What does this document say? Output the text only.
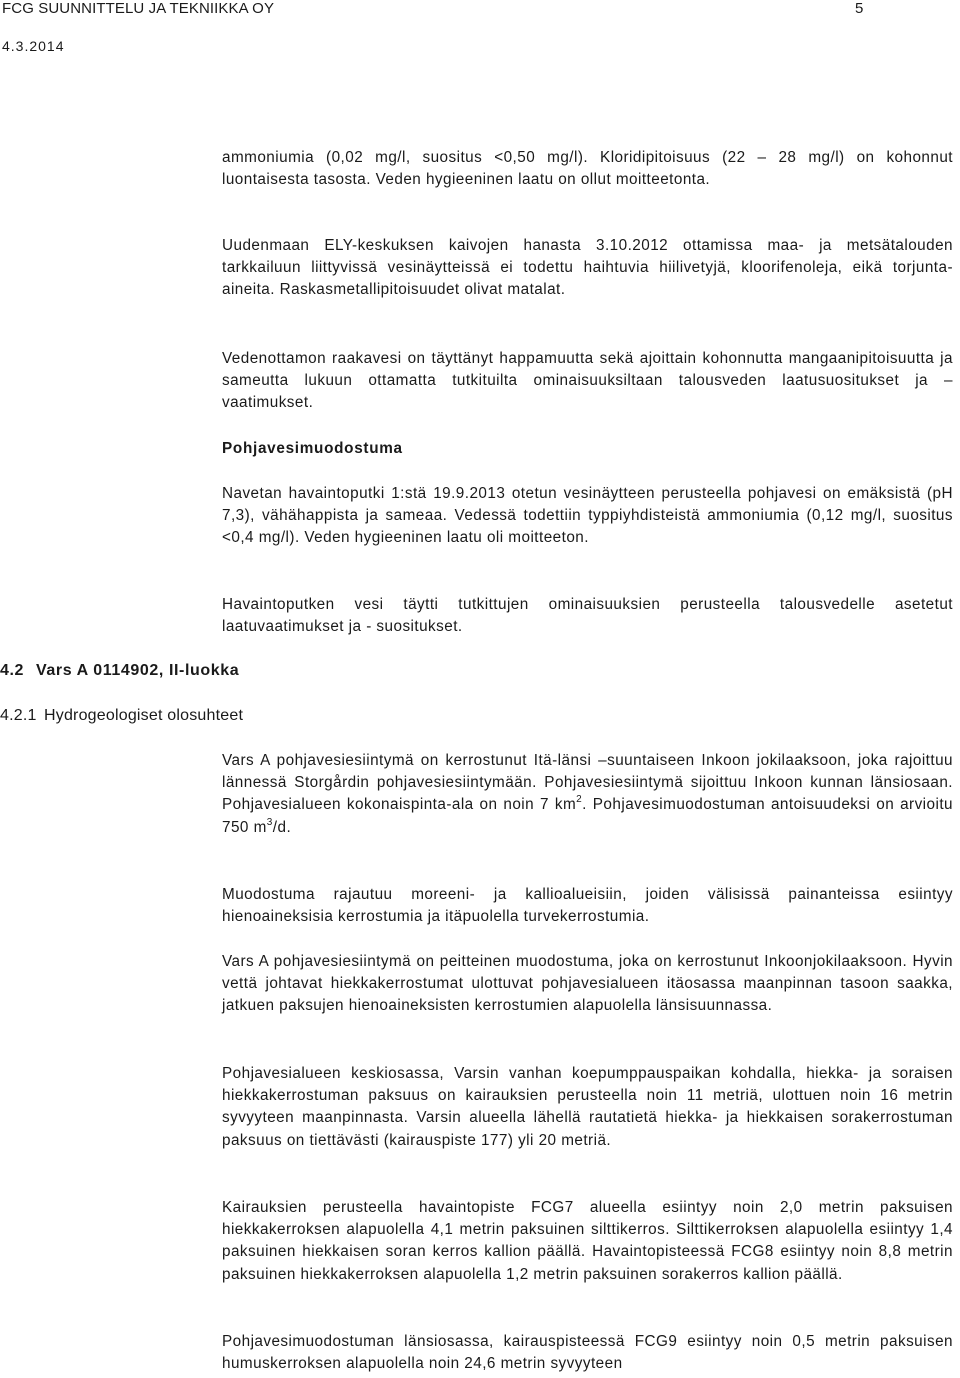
FCG SUUNNITTELU JA TEKNIIKKA OY	5
4.3.2014

ammoniumia (0,02 mg/l, suositus <0,50 mg/l). Kloridipitoisuus (22 – 28 mg/l) on kohonnut luontaisesta tasosta. Veden hygieeninen laatu on ollut moitteetonta.

Uudenmaan ELY-keskuksen kaivojen hanasta 3.10.2012 ottamissa maa- ja metsätalouden tarkkailuun liittyvissä vesinäytteissä ei todettu haihtuvia hiilivetyjä, kloorifenoleja, eikä torjunta-aineita. Raskasmetallipitoisuudet olivat matalat.

Vedenottamon raakavesi on täyttänyt happamuutta sekä ajoittain kohonnutta mangaanipitoisuutta ja sameutta lukuun ottamatta tutkituilta ominaisuuksiltaan talousveden laatusuositukset ja – vaatimukset.

Pohjavesimuodostuma

Navetan havaintoputki 1:stä 19.9.2013 otetun vesinäytteen perusteella pohjavesi on emäksistä (pH 7,3), vähähappista ja sameaa. Vedessä todettiin typpiyhdisteistä ammoniumia (0,12 mg/l, suositus <0,4 mg/l). Veden hygieeninen laatu oli moitteeton.

Havaintoputken vesi täytti tutkittujen ominaisuuksien perusteella talousvedelle asetetut laatuvaatimukset ja - suositukset.

4.2 Vars A 0114902, II-luokka

4.2.1 Hydrogeologiset olosuhteet

Vars A pohjavesiesiintymä on kerrostunut Itä-länsi –suuntaiseen Inkoon jokilaaksoon, joka rajoittuu lännessä Storgårdin pohjavesiesiintymään. Pohjavesiesiintymä sijoittuu Inkoon kunnan länsiosaan. Pohjavesialueen kokonaispinta-ala on noin 7 $km^2$. Pohjavesimuodostuman antoisuudeksi on arvioitu 750 $m^3/d$.

Muodostuma rajautuu moreeni- ja kallioalueisiin, joiden välisissä painanteissa esiintyy hienoaineksisia kerrostumia ja itäpuolella turvekerrostumia.

Vars A pohjavesiesiintymä on peitteinen muodostuma, joka on kerrostunut Inkoonjokilaaksoon. Hyvin vettä johtavat hiekkakerrostumat ulottuvat pohjavesialueen itäosassa maanpinnan tasoon saakka, jatkuen paksujen hienoaineksisten kerrostumien alapuolella länsisuunnassa.

Pohjavesialueen keskiosassa, Varsin vanhan koepumppauspaikan kohdalla, hiekka- ja soraisen hiekkakerrostuman paksuus on kairauksien perusteella noin 11 metriä, ulottuen noin 16 metrin syvyyteen maanpinnasta. Varsin alueella lähellä rautatietä hiekka- ja hiekkaisen sorakerrostuman paksuus on tiettävästi (kairauspiste 177) yli 20 metriä.

Kairauksien perusteella havaintopiste FCG7 alueella esiintyy noin 2,0 metrin paksuisen hiekkakerroksen alapuolella 4,1 metrin paksuinen silttikerros. Silttikerroksen alapuolella esiintyy 1,4 paksuinen hiekkaisen soran kerros kallion päällä. Havaintopisteessä FCG8 esiintyy noin 8,8 metrin paksuinen hiekkakerroksen alapuolella 1,2 metrin paksuinen sorakerros kallion päällä.

Pohjavesimuodostuman länsiosassa, kairauspisteessä FCG9 esiintyy noin 0,5 metrin paksuisen humuskerroksen alapuolella noin 24,6 metrin syvyyteen
